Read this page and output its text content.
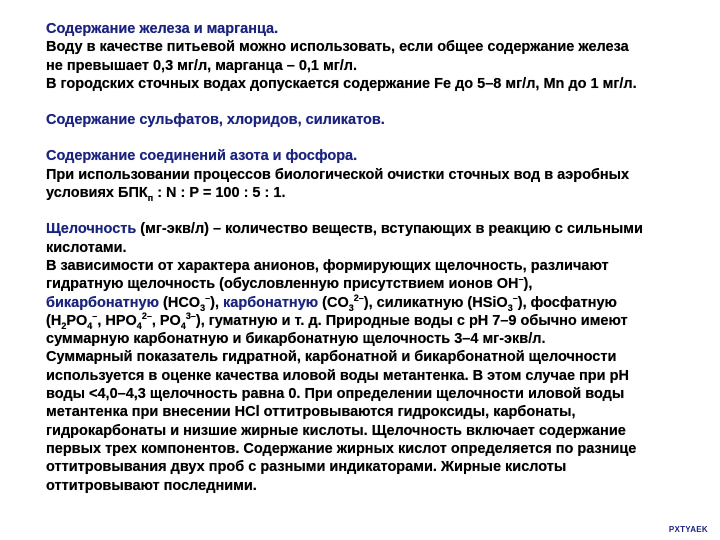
Содержание железа и марганца.
Воду в качестве питьевой можно использовать, если общее содержание железа
не превышает 0,3 мг/л, марганца – 0,1 мг/л.
В городских сточных водах допускается содержание Fe до 5–8 мг/л, Mn до 1 мг/л.
Содержание сульфатов, хлоридов, силикатов.
Содержание соединений азота и фосфора.
При использовании процессов биологической очистки сточных вод в аэробных
условиях $БПК_п$ : N : P = 100 : 5 : 1.
Щелочность (мг-экв/л) – количество веществ, вступающих в реакцию с сильными
кислотами.
В зависимости от характера анионов, формирующих щелочность, различают
гидратную щелочность (обусловленную присутствием ионов OH–),
бикарбонатную $(HCO_3^-)$, карбонатную $(CO_3^{2-})$, силикатную (HSiO$_3$–), фосфатную
($H_2PO_4^-$, $HPO_4^{2-}$, $PO_4^{3-}$), гуматную и т. д. Природные воды с рН 7–9 обычно имеют
суммарную карбонатную и бикарбонатную щелочность 3–4 мг-экв/л.
Суммарный показатель гидратной, карбонатной и бикарбонатной щелочности
используется в оценке качества иловой воды метантенка. В этом случае при рН
воды <4,0–4,3 щелочность равна 0. При определении щелочности иловой воды
метантенка при внесении HCl оттитровываются гидроксиды, карбонаты,
гидрокарбонаты и низшие жирные кислоты. Щелочность включает содержание
первых трех компонентов. Содержание жирных кислот определяется по разнице
оттитровывания двух проб с разными индикаторами. Жирные кислоты
оттитровывают последними.
PXTYAEK
